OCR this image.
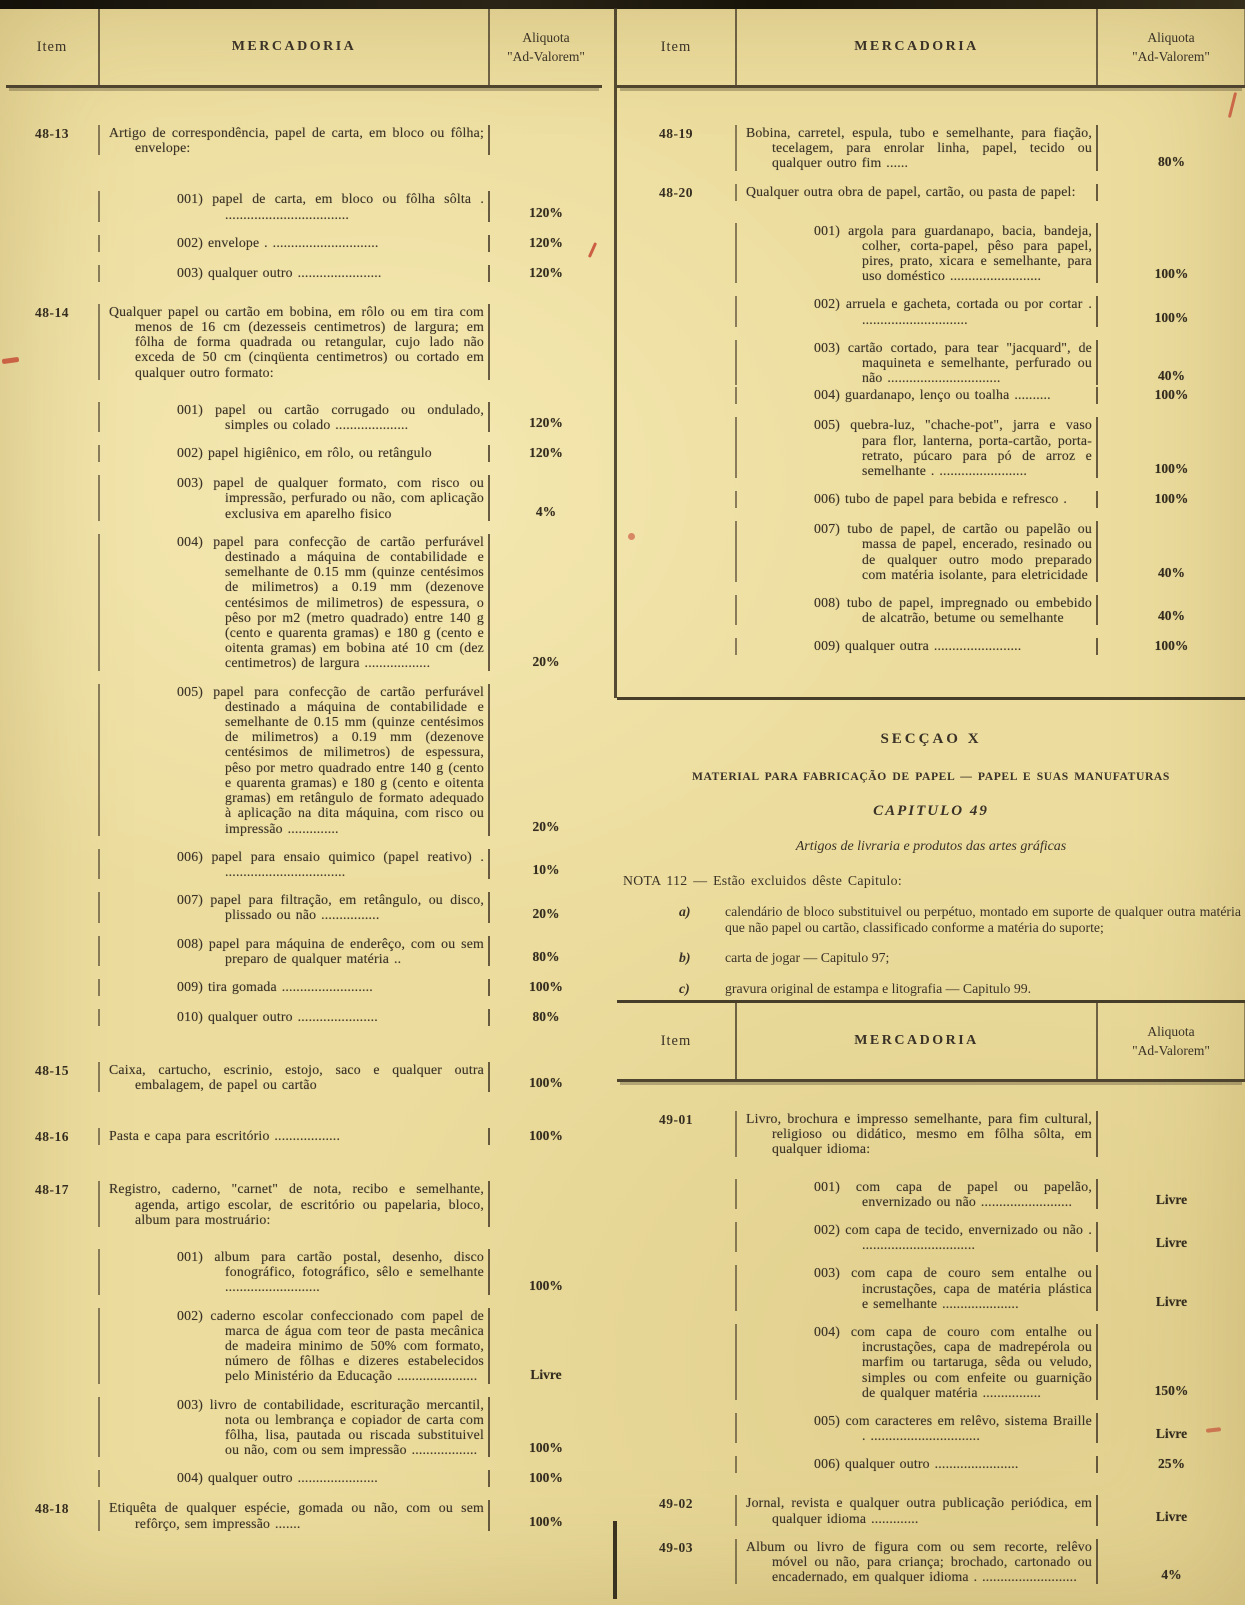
Item	MERCADORIA
Aliquota
"Ad-Valorem"
48-13	Artigo de correspondência, papel de carta, em bloco ou fôlha; envelope:
001) papel de carta, em bloco ou fôlha sôlta . ..................................	120%
002) envelope . .............................	120%
003) qualquer outro .......................	120%
48-14	Qualquer papel ou cartão em bobina, em rôlo ou em tira com menos de 16 cm (dezesseis centimetros) de largura; em fôlha de forma quadrada ou retangular, cujo lado não exceda de 50 cm (cinqüenta centimetros) ou cortado em qualquer outro formato:
001) papel ou cartão corrugado ou ondulado, simples ou colado ....................	120%
002) papel higiênico, em rôlo, ou retângulo	120%
003) papel de qualquer formato, com risco ou impressão, perfurado ou não, com aplicação exclusiva em aparelho fisico	4%
004) papel para confecção de cartão perfurável destinado a máquina de contabilidade e semelhante de 0.15 mm (quinze centésimos de milimetros) a 0.19 mm (dezenove centésimos de milimetros) de espessura, o pêso por m2 (metro quadrado) entre 140 g (cento e quarenta gramas) e 180 g (cento e oitenta gramas) em bobina até 10 cm (dez centimetros) de largura ..................	20%
005) papel para confecção de cartão perfurável destinado a máquina de contabilidade e semelhante de 0.15 mm (quinze centésimos de milimetros) a 0.19 mm (dezenove centésimos de milimetros) de espessura, pêso por metro quadrado entre 140 g (cento e quarenta gramas) e 180 g (cento e oitenta gramas) em retângulo de formato adequado à aplicação na dita máquina, com risco ou impressão ..............	20%
006) papel para ensaio quimico (papel reativo) . .................................	10%
007) papel para filtração, em retângulo, ou disco, plissado ou não ................	20%
008) papel para máquina de enderêço, com ou sem preparo de qualquer matéria ..	80%
009) tira gomada .........................	100%
010) qualquer outro ......................	80%
48-15	Caixa, cartucho, escrinio, estojo, saco e qualquer outra embalagem, de papel ou cartão	100%
48-16	Pasta e capa para escritório ..................	100%
48-17	Registro, caderno, "carnet" de nota, recibo e semelhante, agenda, artigo escolar, de escritório ou papelaria, bloco, album para mostruário:
001) album para cartão postal, desenho, disco fonográfico, fotográfico, sêlo e semelhante ..........................	100%
002) caderno escolar confeccionado com papel de marca de água com teor de pasta mecânica de madeira minimo de 50% com formato, número de fôlhas e dizeres estabelecidos pelo Ministério da Educação ......................	Livre
003) livro de contabilidade, escrituração mercantil, nota ou lembrança e copiador de carta com fôlha, lisa, pautada ou riscada substituivel ou não, com ou sem impressão ..................	100%
004) qualquer outro ......................	100%
48-18	Etiquêta de qualquer espécie, gomada ou não, com ou sem refôrço, sem impressão .......	100%
Item	MERCADORIA
Aliquota
"Ad-Valorem"
48-19	Bobina, carretel, espula, tubo e semelhante, para fiação, tecelagem, para enrolar linha, papel, tecido ou qualquer outro fim ......	80%
48-20	Qualquer outra obra de papel, cartão, ou pasta de papel:
001) argola para guardanapo, bacia, bandeja, colher, corta-papel, pêso para papel, pires, prato, xicara e semelhante, para uso doméstico .........................	100%
002) arruela e gacheta, cortada ou por cortar . .............................	100%
003) cartão cortado, para tear "jacquard", de maquineta e semelhante, perfurado ou não ...............................	40%
004) guardanapo, lenço ou toalha ..........	100%
005) quebra-luz, "chache-pot", jarra e vaso para flor, lanterna, porta-cartão, porta-retrato, púcaro para pó de arroz e semelhante . ........................	100%
006) tubo de papel para bebida e refresco .	100%
007) tubo de papel, de cartão ou papelão ou massa de papel, encerado, resinado ou de qualquer outro modo preparado com matéria isolante, para eletricidade	40%
008) tubo de papel, impregnado ou embebido de alcatrão, betume ou semelhante	40%
009) qualquer outra ........................	100%
SECÇAO X
MATERIAL PARA FABRICAÇÃO DE PAPEL — PAPEL E SUAS MANUFATURAS
CAPITULO 49
Artigos de livraria e produtos das artes gráficas
NOTA 112 — Estão excluidos dêste Capitulo:
a)	calendário de bloco substituivel ou perpétuo, montado em suporte de qualquer outra matéria que não papel ou cartão, classificado conforme a matéria do suporte;
b)	carta de jogar — Capitulo 97;
c)	gravura original de estampa e litografia — Capitulo 99.
Item	MERCADORIA
Aliquota
"Ad-Valorem"
49-01	Livro, brochura e impresso semelhante, para fim cultural, religioso ou didático, mesmo em fôlha sôlta, em qualquer idioma:
001) com capa de papel ou papelão, envernizado ou não .........................	Livre
002) com capa de tecido, envernizado ou não . ...............................	Livre
003) com capa de couro sem entalhe ou incrustações, capa de matéria plástica e semelhante .....................	Livre
004) com capa de couro com entalhe ou incrustações, capa de madrepérola ou marfim ou tartaruga, sêda ou veludo, simples ou com enfeite ou guarnição de qualquer matéria ................	150%
005) com caracteres em relêvo, sistema Braille . ..............................	Livre
006) qualquer outro .......................	25%
49-02	Jornal, revista e qualquer outra publicação periódica, em qualquer idioma .............	Livre
49-03	Album ou livro de figura com ou sem recorte, relêvo móvel ou não, para criança; brochado, cartonado ou encadernado, em qualquer idioma . ..........................	4%
